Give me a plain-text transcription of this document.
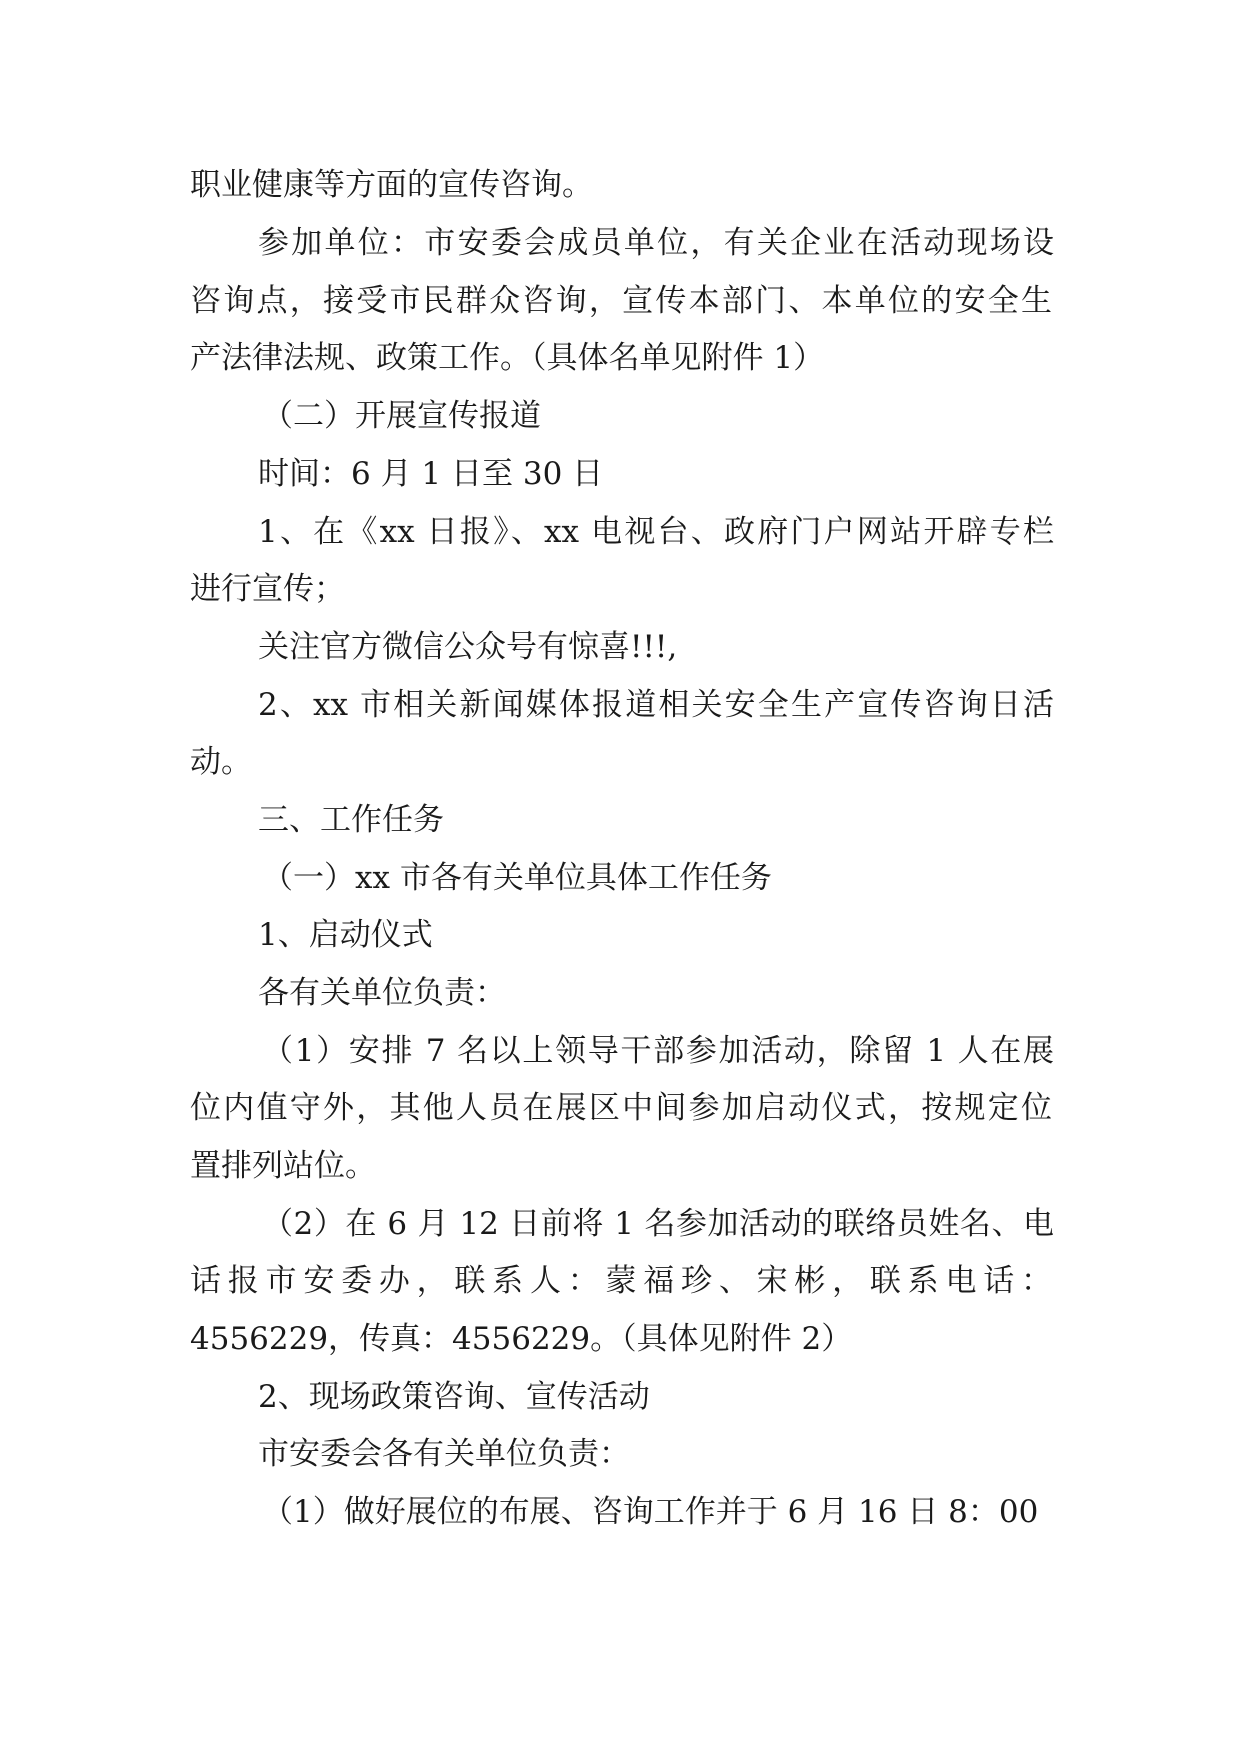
职业健康等方面的宣传咨询。
参加单位：市安委会成员单位，有关企业在活动现场设
咨询点，接受市民群众咨询，宣传本部门、本单位的安全生
产法律法规、政策工作。（具体名单见附件 1）
（二）开展宣传报道
时间：6 月 1 日至 30 日
1、在《xx 日报》、xx 电视台、政府门户网站开辟专栏
进行宣传；
关注官方微信公众号有惊喜!!!,
2、xx 市相关新闻媒体报道相关安全生产宣传咨询日活
动。
三、工作任务
（一）xx 市各有关单位具体工作任务
1、启动仪式
各有关单位负责：
（1）安排 7 名以上领导干部参加活动，除留 1 人在展
位内值守外，其他人员在展区中间参加启动仪式，按规定位
置排列站位。
（2）在 6 月 12 日前将 1 名参加活动的联络员姓名、电
话报市安委办，联系人：蒙福珍、宋彬，联系电话：
4556229，传真：4556229。（具体见附件 2）
2、现场政策咨询、宣传活动
市安委会各有关单位负责：
（1）做好展位的布展、咨询工作并于 6 月 16 日 8：00
